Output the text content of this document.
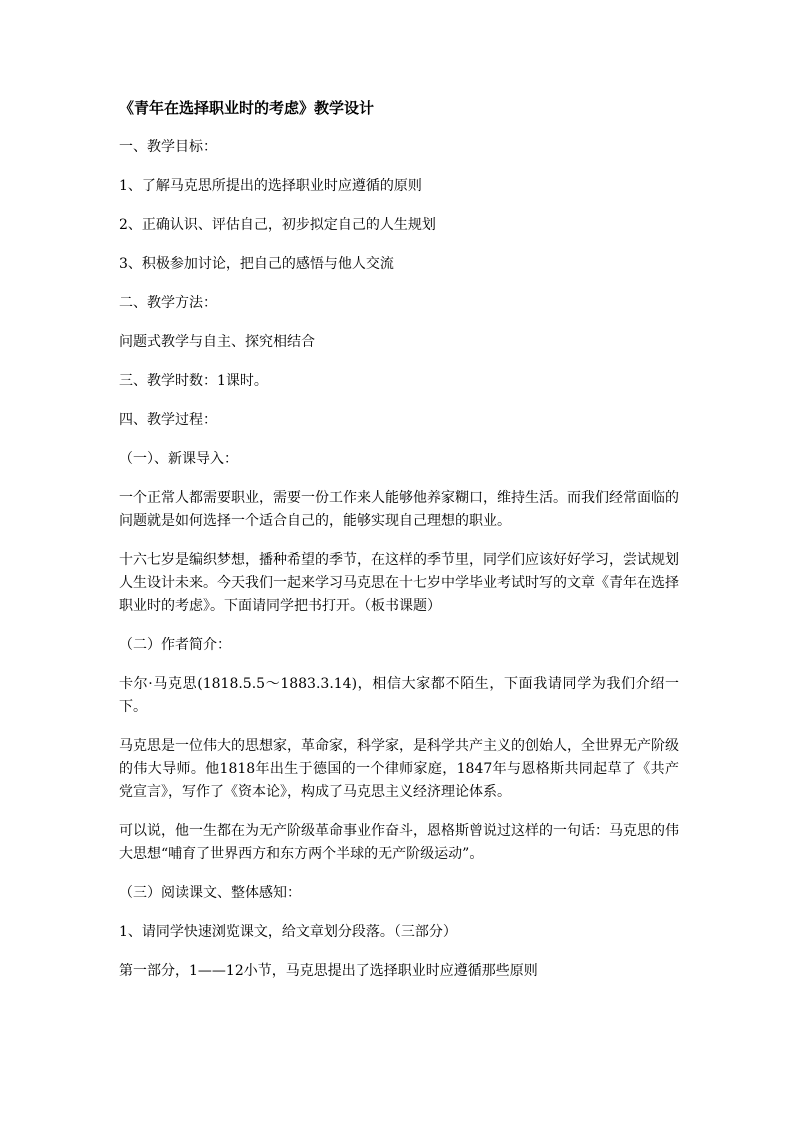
《青年在选择职业时的考虑》教学设计
一、教学目标：
1、了解马克思所提出的选择职业时应遵循的原则
2、正确认识、评估自己，初步拟定自己的人生规划
3、积极参加讨论，把自己的感悟与他人交流
二、教学方法：
问题式教学与自主、探究相结合
三、教学时数：1课时。
四、教学过程：
（一）、新课导入：
一个正常人都需要职业，需要一份工作来人能够他养家糊口，维持生活。而我们经常面临的问题就是如何选择一个适合自己的，能够实现自己理想的职业。
十六七岁是编织梦想，播种希望的季节，在这样的季节里，同学们应该好好学习，尝试规划人生设计未来。今天我们一起来学习马克思在十七岁中学毕业考试时写的文章《青年在选择职业时的考虑》。下面请同学把书打开。（板书课题）
（二）作者简介：
卡尔·马克思(1818.5.5～1883.3.14)，相信大家都不陌生，下面我请同学为我们介绍一下。
马克思是一位伟大的思想家，革命家，科学家，是科学共产主义的创始人，全世界无产阶级的伟大导师。他1818年出生于德国的一个律师家庭，1847年与恩格斯共同起草了《共产党宣言》，写作了《资本论》，构成了马克思主义经济理论体系。
可以说，他一生都在为无产阶级革命事业作奋斗，恩格斯曾说过这样的一句话：马克思的伟大思想“哺育了世界西方和东方两个半球的无产阶级运动”。
（三）阅读课文、整体感知：
1、请同学快速浏览课文，给文章划分段落。（三部分）
第一部分，1——12小节，马克思提出了选择职业时应遵循那些原则
